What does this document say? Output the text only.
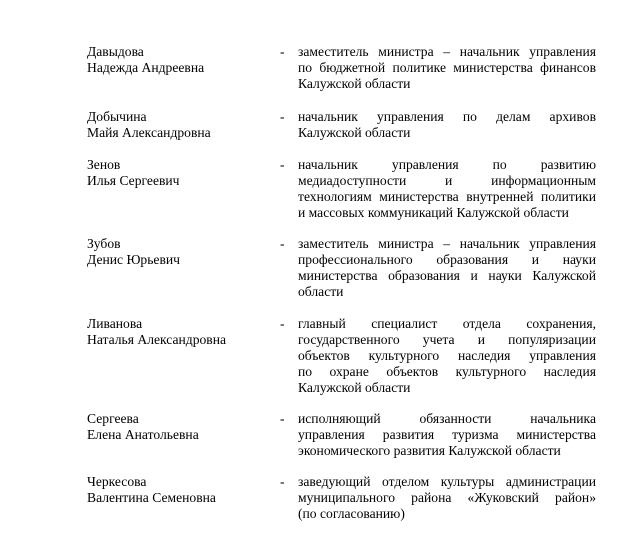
Давыдова
Надежда Андреевна
- заместитель министра – начальник управления
по бюджетной политике министерства финансов
Калужской области
Добычина
Майя Александровна
- начальник управления по делам архивов
Калужской области
Зенов
Илья Сергеевич
- начальник управления по развитию
медиадоступности и информационным
технологиям министерства внутренней политики
и массовых коммуникаций Калужской области
Зубов
Денис Юрьевич
- заместитель министра – начальник управления
профессионального образования и науки
министерства образования и науки Калужской
области
Ливанова
Наталья Александровна
- главный специалист отдела сохранения,
государственного учета и популяризации
объектов культурного наследия управления
по охране объектов культурного наследия
Калужской области
Сергеева
Елена Анатольевна
- исполняющий обязанности начальника
управления развития туризма министерства
экономического развития Калужской области
Черкесова
Валентина Семеновна
- заведующий отделом культуры администрации
муниципального района «Жуковский район»
(по согласованию)
